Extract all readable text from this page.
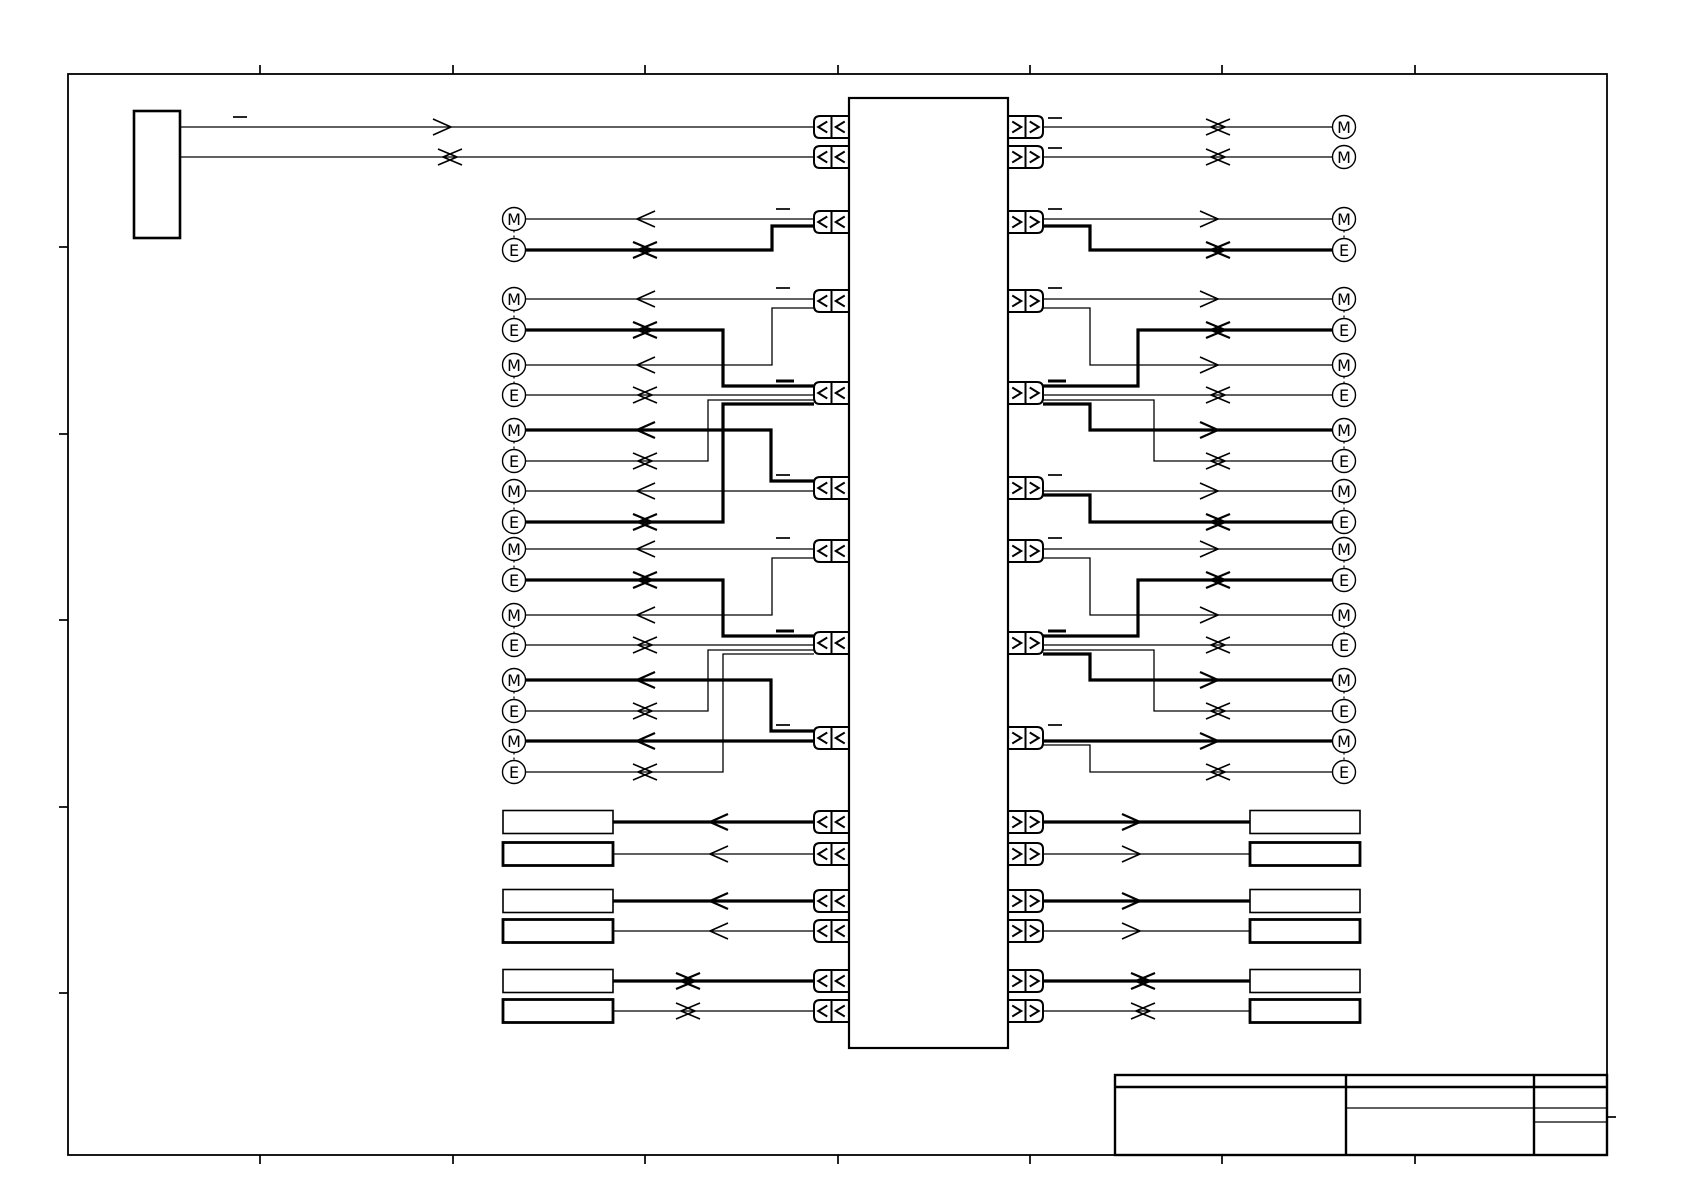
M
M
M
E
M
E
M
E
M
E
M
E
M
E
M
E
M
E
M
E
M
E
M
E
M
E
M
E
M
E
M
E
M
E
M
E
M
E
